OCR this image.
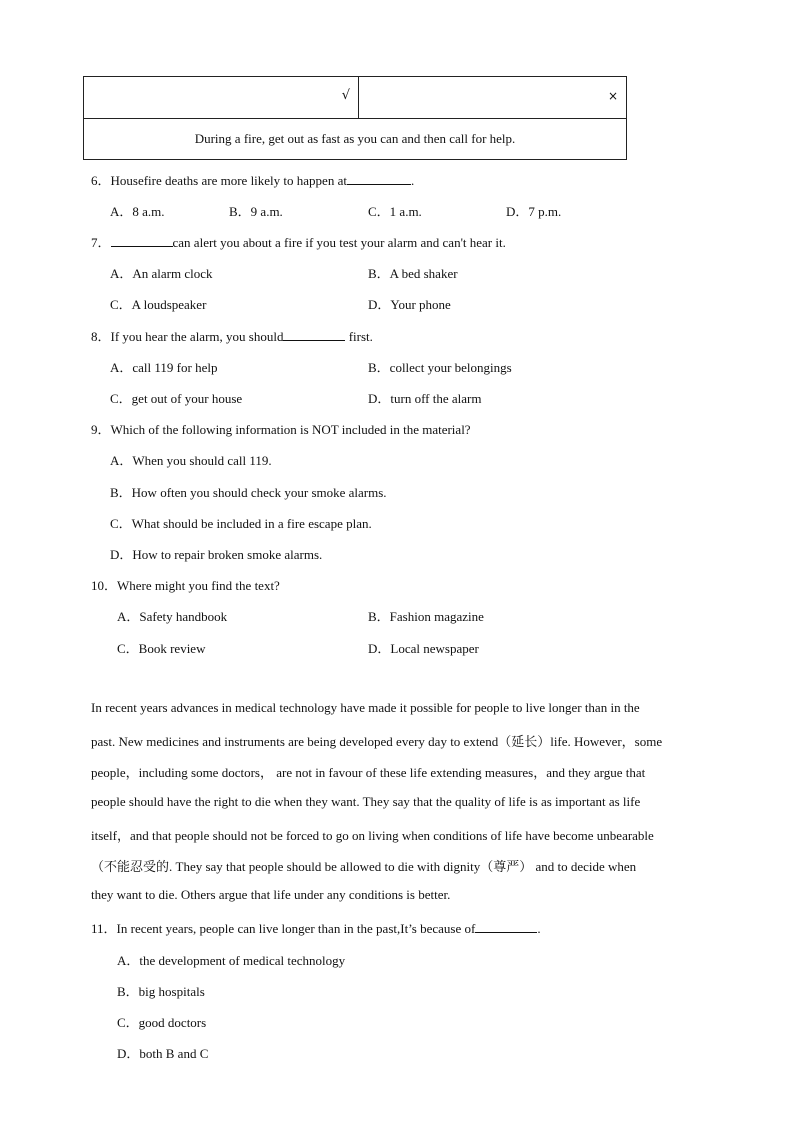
√	×
During a fire, get out as fast as you can and then call for help.
6．Housefire deaths are more likely to happen at	.
A．8 a.m.	B．9 a.m.	C．1 a.m.	D．7 p.m.
7．	can alert you about a fire if you test your alarm and can't hear it.
A．An alarm clock	B．A bed shaker
C．A loudspeaker	D．Your phone
8．If you hear the alarm, you should	first.
A．call 119 for help	B．collect your belongings
C．get out of your house	D．turn off the alarm
9．Which of the following information is NOT included in the material?
A．When you should call 119.
B．How often you should check your smoke alarms.
C．What should be included in a fire escape plan.
D．How to repair broken smoke alarms.
10．Where might you find the text?
A．Safety handbook	B．Fashion magazine
C．Book review	D．Local newspaper
In recent years advances in medical technology have made it possible for people to live longer than in the
past. New medicines and instruments are being developed every day to extend（延长）life. However，some
people，including some doctors， are not in favour of these life extending measures，and they argue that
people should have the right to die when they want. They say that the quality of life is as important as life
itself，and that people should not be forced to go on living when conditions of life have become unbearable
（不能忍受的. They say that people should be allowed to die with dignity（尊严） and to decide when
they want to die. Others argue that life under any conditions is better.
11．In recent years, people can live longer than in the past,It’s because of	.
A．the development of medical technology
B．big hospitals
C．good doctors
D．both B and C
